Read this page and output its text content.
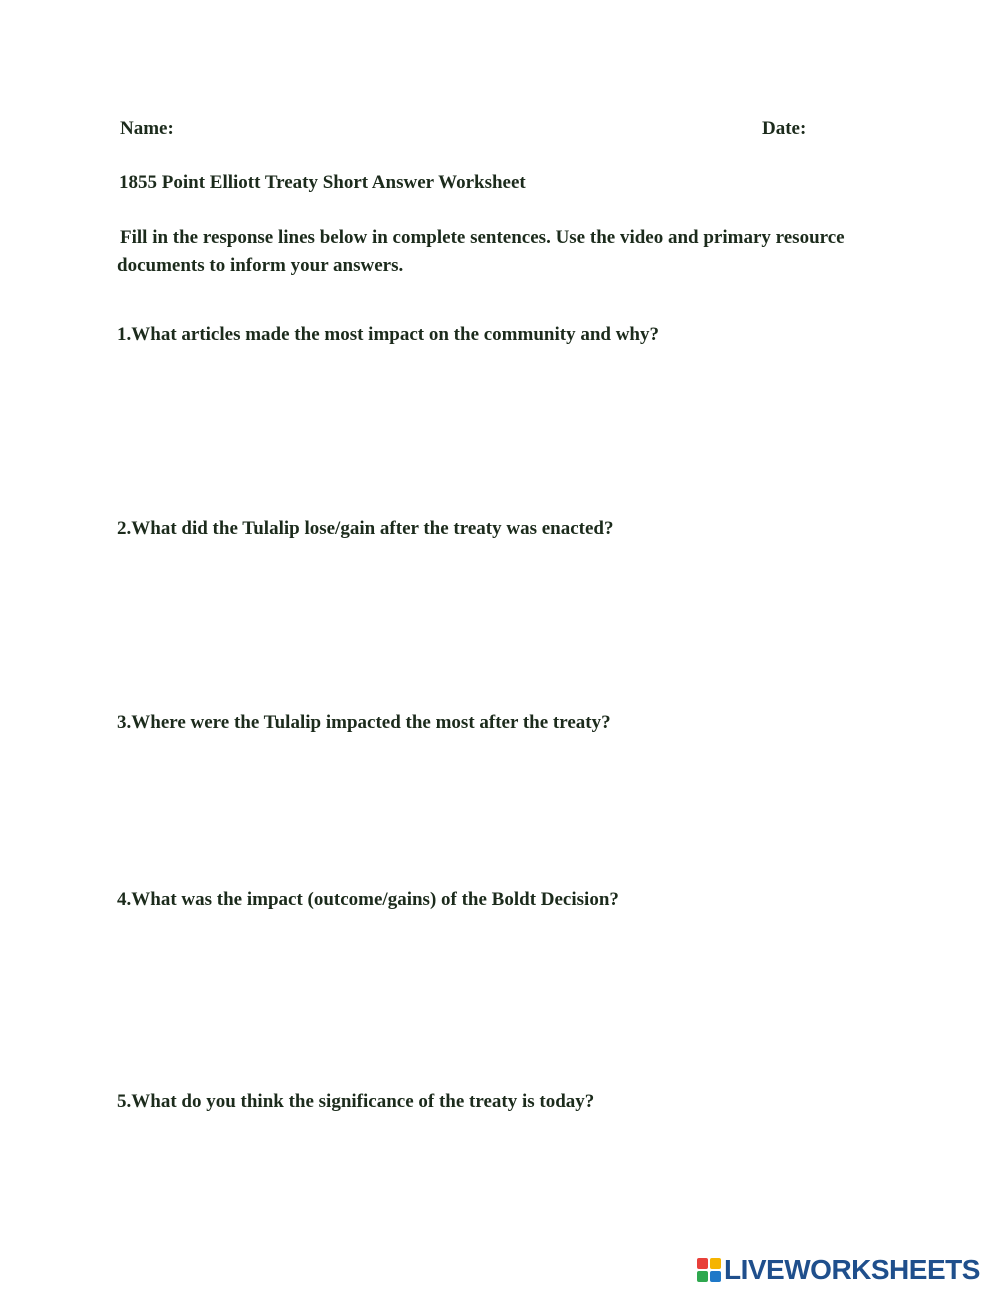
Name:	Date:
1855 Point Elliott Treaty Short Answer Worksheet
Fill in the response lines below in complete sentences. Use the video and primary resource documents to inform your answers.
1.What articles made the most impact on the community and why?
2.What did the Tulalip lose/gain after the treaty was enacted?
3.Where were the Tulalip impacted the most after the treaty?
4.What was the impact (outcome/gains) of the Boldt Decision?
5.What do you think the significance of the treaty is today?
LIVEWORKSHEETS
